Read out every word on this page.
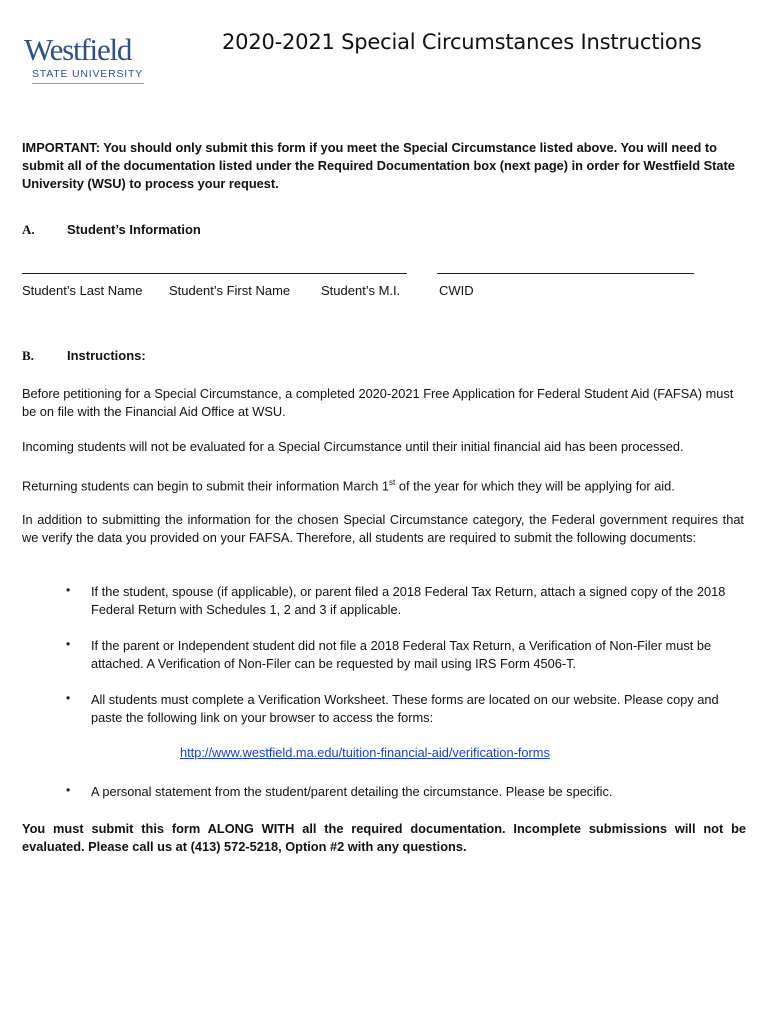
Westfield
STATE UNIVERSITY
2020-2021 Special Circumstances Instructions

IMPORTANT: You should only submit this form if you meet the Special Circumstance listed above. You will need to submit all of the documentation listed under the Required Documentation box (next page) in order for Westfield State University (WSU) to process your request.

A. Student’s Information
Student’s Last Name Student’s First Name Student’s M.I.	CWID
B.	Instructions:

Before petitioning for a Special Circumstance, a completed 2020-2021 Free Application for Federal Student Aid (FAFSA) must be on file with the Financial Aid Office at WSU.

Incoming students will not be evaluated for a Special Circumstance until their initial financial aid has been processed.

Returning students can begin to submit their information March 1st of the year for which they will be applying for aid.

In addition to submitting the information for the chosen Special Circumstance category, the Federal government requires that we verify the data you provided on your FAFSA. Therefore, all students are required to submit the following documents:

• If the student, spouse (if applicable), or parent filed a 2018 Federal Tax Return, attach a signed copy of the 2018 Federal Return with Schedules 1, 2 and 3 if applicable.

• If the parent or Independent student did not file a 2018 Federal Tax Return, a Verification of Non-Filer must be attached. A Verification of Non-Filer can be requested by mail using IRS Form 4506-T.

• All students must complete a Verification Worksheet. These forms are located on our website. Please copy and paste the following link on your browser to access the forms:

http://www.westfield.ma.edu/tuition-financial-aid/verification-forms
• A personal statement from the student/parent detailing the circumstance. Please be specific.

You must submit this form ALONG WITH all the required documentation. Incomplete submissions will not be evaluated. Please call us at (413) 572-5218, Option #2 with any questions.
